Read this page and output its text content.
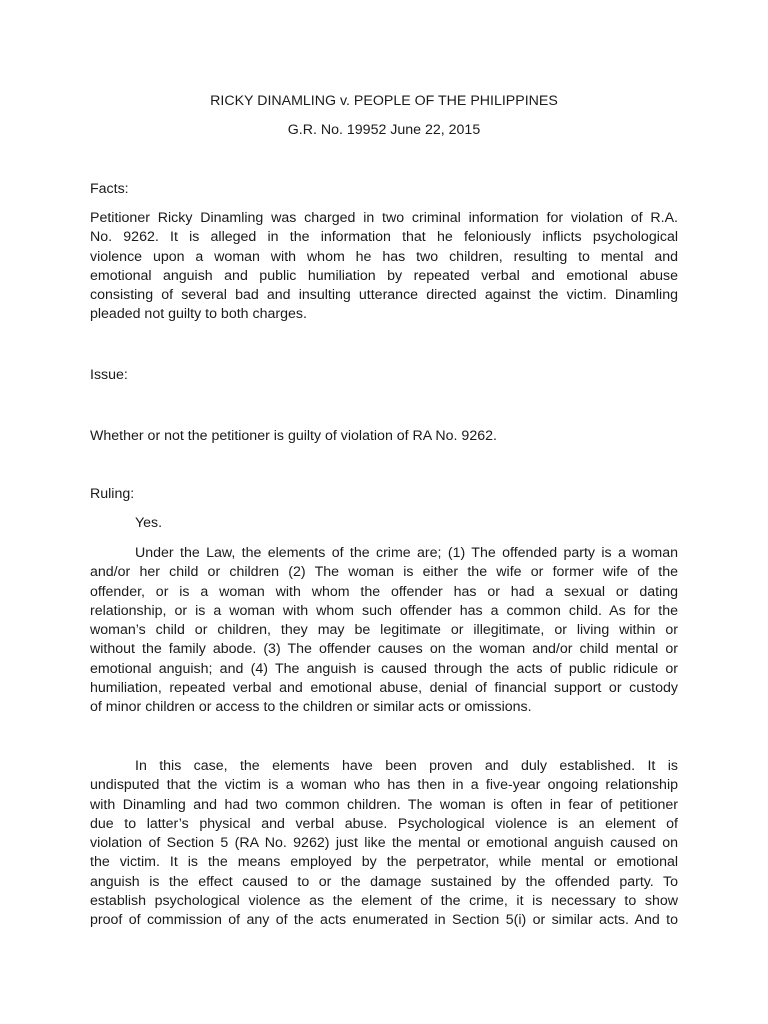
RICKY DINAMLING v. PEOPLE OF THE PHILIPPINES
G.R. No. 19952 June 22, 2015
Facts:
Petitioner Ricky Dinamling was charged in two criminal information for violation of R.A.
No. 9262. It is alleged in the information that he feloniously inflicts psychological
violence upon a woman with whom he has two children, resulting to mental and
emotional anguish and public humiliation by repeated verbal and emotional abuse
consisting of several bad and insulting utterance directed against the victim. Dinamling
pleaded not guilty to both charges.
Issue:
Whether or not the petitioner is guilty of violation of RA No. 9262.
Ruling:
Yes.
Under the Law, the elements of the crime are; (1) The offended party is a woman
and/or her child or children (2) The woman is either the wife or former wife of the
offender, or is a woman with whom the offender has or had a sexual or dating
relationship, or is a woman with whom such offender has a common child. As for the
woman’s child or children, they may be legitimate or illegitimate, or living within or
without the family abode. (3) The offender causes on the woman and/or child mental or
emotional anguish; and (4) The anguish is caused through the acts of public ridicule or
humiliation, repeated verbal and emotional abuse, denial of financial support or custody
of minor children or access to the children or similar acts or omissions.
In this case, the elements have been proven and duly established. It is
undisputed that the victim is a woman who has then in a five-year ongoing relationship
with Dinamling and had two common children. The woman is often in fear of petitioner
due to latter’s physical and verbal abuse. Psychological violence is an element of
violation of Section 5 (RA No. 9262) just like the mental or emotional anguish caused on
the victim. It is the means employed by the perpetrator, while mental or emotional
anguish is the effect caused to or the damage sustained by the offended party. To
establish psychological violence as the element of the crime, it is necessary to show
proof of commission of any of the acts enumerated in Section 5(i) or similar acts. And to
